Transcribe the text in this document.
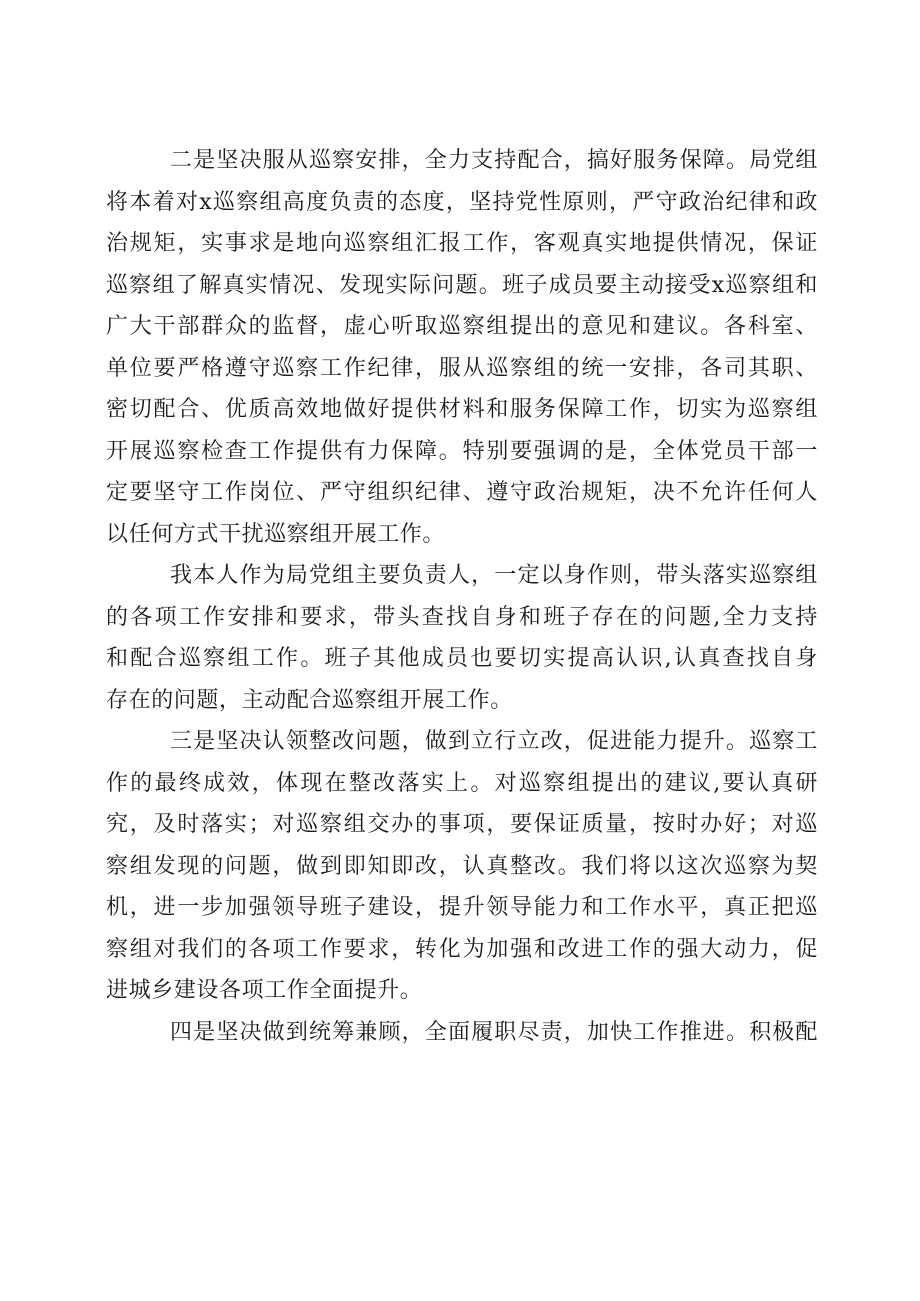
二是坚决服从巡察安排，全力支持配合，搞好服务保障。局党组
将本着对x巡察组高度负责的态度，坚持党性原则，严守政治纪律和政
治规矩，实事求是地向巡察组汇报工作，客观真实地提供情况，保证
巡察组了解真实情况、发现实际问题。班子成员要主动接受x巡察组和
广大干部群众的监督，虚心听取巡察组提出的意见和建议。各科室、
单位要严格遵守巡察工作纪律，服从巡察组的统一安排，各司其职、
密切配合、优质高效地做好提供材料和服务保障工作，切实为巡察组
开展巡察检查工作提供有力保障。特别要强调的是，全体党员干部一
定要坚守工作岗位、严守组织纪律、遵守政治规矩，决不允许任何人
以任何方式干扰巡察组开展工作。
我本人作为局党组主要负责人，一定以身作则，带头落实巡察组
的各项工作安排和要求，带头查找自身和班子存在的问题,全力支持
和配合巡察组工作。班子其他成员也要切实提高认识,认真查找自身
存在的问题，主动配合巡察组开展工作。
三是坚决认领整改问题，做到立行立改，促进能力提升。巡察工
作的最终成效，体现在整改落实上。对巡察组提出的建议,要认真研
究，及时落实；对巡察组交办的事项，要保证质量，按时办好；对巡
察组发现的问题，做到即知即改，认真整改。我们将以这次巡察为契
机，进一步加强领导班子建设，提升领导能力和工作水平，真正把巡
察组对我们的各项工作要求，转化为加强和改进工作的强大动力，促
进城乡建设各项工作全面提升。
四是坚决做到统筹兼顾，全面履职尽责，加快工作推进。积极配
